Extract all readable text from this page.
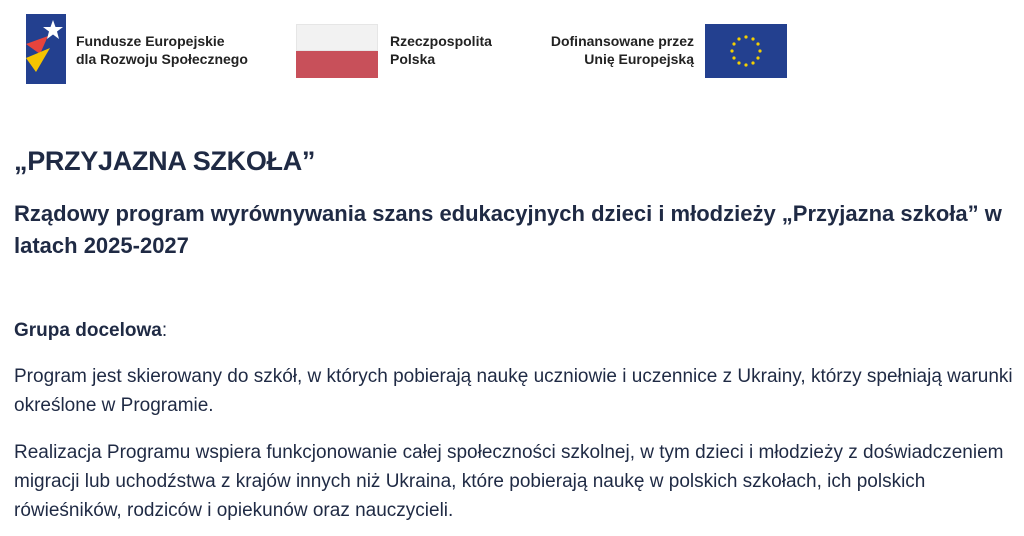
Fundusze Europejskie
dla Rozwoju Społecznego
Rzeczpospolita
Polska
Dofinansowane przez
Unię Europejską
„PRZYJAZNA SZKOŁA”
Rządowy program wyrównywania szans edukacyjnych dzieci i młodzieży „Przyjazna szkoła” w latach 2025-2027
Grupa docelowa:
Program jest skierowany do szkół, w których pobierają naukę uczniowie i uczennice z Ukrainy, którzy spełniają warunki określone w Programie.
Realizacja Programu wspiera funkcjonowanie całej społeczności szkolnej, w tym dzieci i młodzieży z doświadczeniem migracji lub uchodźstwa z krajów innych niż Ukraina, które pobierają naukę w polskich szkołach, ich polskich rówieśników, rodziców i opiekunów oraz nauczycieli.
